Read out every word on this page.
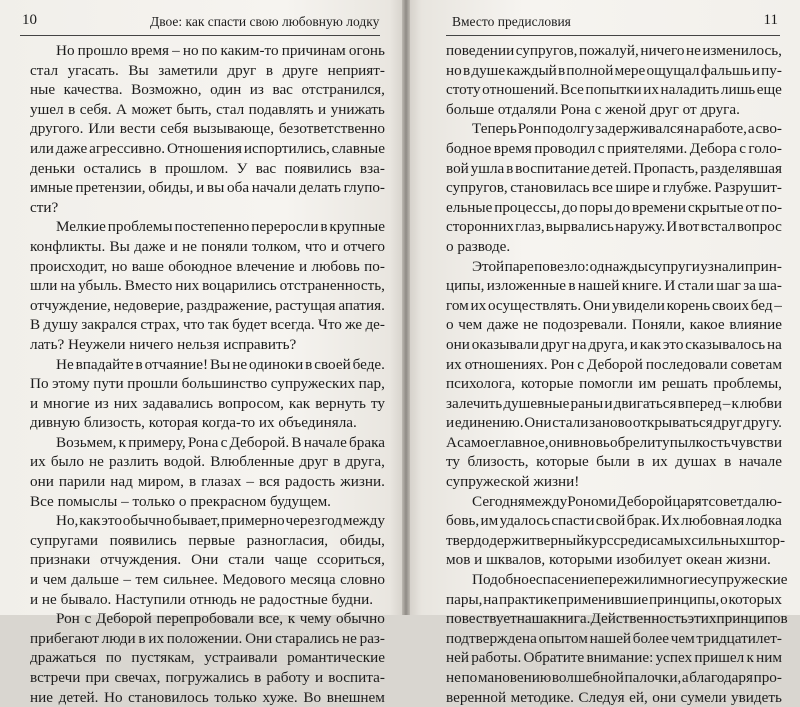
10	Двое: как спасти свою любовную лодку
Но прошло время – но по каким-то причинам огонь
стал угасать. Вы заметили друг в друге неприят-
ные качества. Возможно, один из вас отстранился,
ушел в себя. А может быть, стал подавлять и унижать
другого. Или вести себя вызывающе, безответственно
или даже агрессивно. Отношения испортились, славные
деньки остались в прошлом. У вас появились вза-
имные претензии, обиды, и вы оба начали делать глупо-
сти?
Мелкие проблемы постепенно переросли в крупные
конфликты. Вы даже и не поняли толком, что и отчего
происходит, но ваше обоюдное влечение и любовь по-
шли на убыль. Вместо них воцарились отстраненность,
отчуждение, недоверие, раздражение, растущая апатия.
В душу закрался страх, что так будет всегда. Что же де-
лать? Неужели ничего нельзя исправить?
Не впадайте в отчаяние! Вы не одиноки в своей беде.
По этому пути прошли большинство супружеских пар,
и многие из них задавались вопросом, как вернуть ту
дивную близость, которая когда-то их объединяла.
Возьмем, к примеру, Рона с Деборой. В начале брака
их было не разлить водой. Влюбленные друг в друга,
они парили над миром, в глазах – вся радость жизни.
Все помыслы – только о прекрасном будущем.
Но, как это обычно бывает, примерно через год между
супругами появились первые разногласия, обиды,
признаки отчуждения. Они стали чаще ссориться,
и чем дальше – тем сильнее. Медового месяца словно
и не бывало. Наступили отнюдь не радостные будни.
Рон с Деборой перепробовали все, к чему обычно
прибегают люди в их положении. Они старались не раз-
дражаться по пустякам, устраивали романтические
встречи при свечах, погружались в работу и воспита-
ние детей. Но становилось только хуже. Во внешнем
Вместо предисловия	11
поведении супругов, пожалуй, ничего не изменилось,
но в душе каждый в полной мере ощущал фальшь и пу-
стоту отношений. Все попытки их наладить лишь еще
больше отдаляли Рона с женой друг от друга.
Теперь Рон подолгу задерживался на работе, а сво-
бодное время проводил с приятелями. Дебора с голо-
вой ушла в воспитание детей. Пропасть, разделявшая
супругов, становилась все шире и глубже. Разрушит-
ельные процессы, до поры до времени скрытые от по-
сторонних глаз, вырвались наружу. И вот встал вопрос
о разводе.
Этой паре повезло: однажды супруги узнали прин-
ципы, изложенные в нашей книге. И стали шаг за ша-
гом их осуществлять. Они увидели корень своих бед –
о чем даже не подозревали. Поняли, какое влияние
они оказывали друг на друга, и как это сказывалось на
их отношениях. Рон с Деборой последовали советам
психолога, которые помогли им решать проблемы,
залечить душевные раны и двигаться вперед – к любви
и единению. Они стали заново открываться друг другу.
А самое главное, они вновь обрели ту пылкость чувств и
ту близость, которые были в их душах в начале
супружеской жизни!
Сегодня между Роном и Деборой царят совет да лю-
бовь, им удалось спасти свой брак. Их любовная лодка
твердо держит верный курс среди самых сильных штор-
мов и шквалов, которыми изобилует океан жизни.
Подобное спасение пережили многие супружеские
пары, на практике применившие принципы, о которых
повествует наша книга. Действенность этих принципов
подтверждена опытом нашей более чем тридцатилет-
ней работы. Обратите внимание: успех пришел к ним
не по мановению волшебной палочки, а благодаря про-
веренной методике. Следуя ей, они сумели увидеть
